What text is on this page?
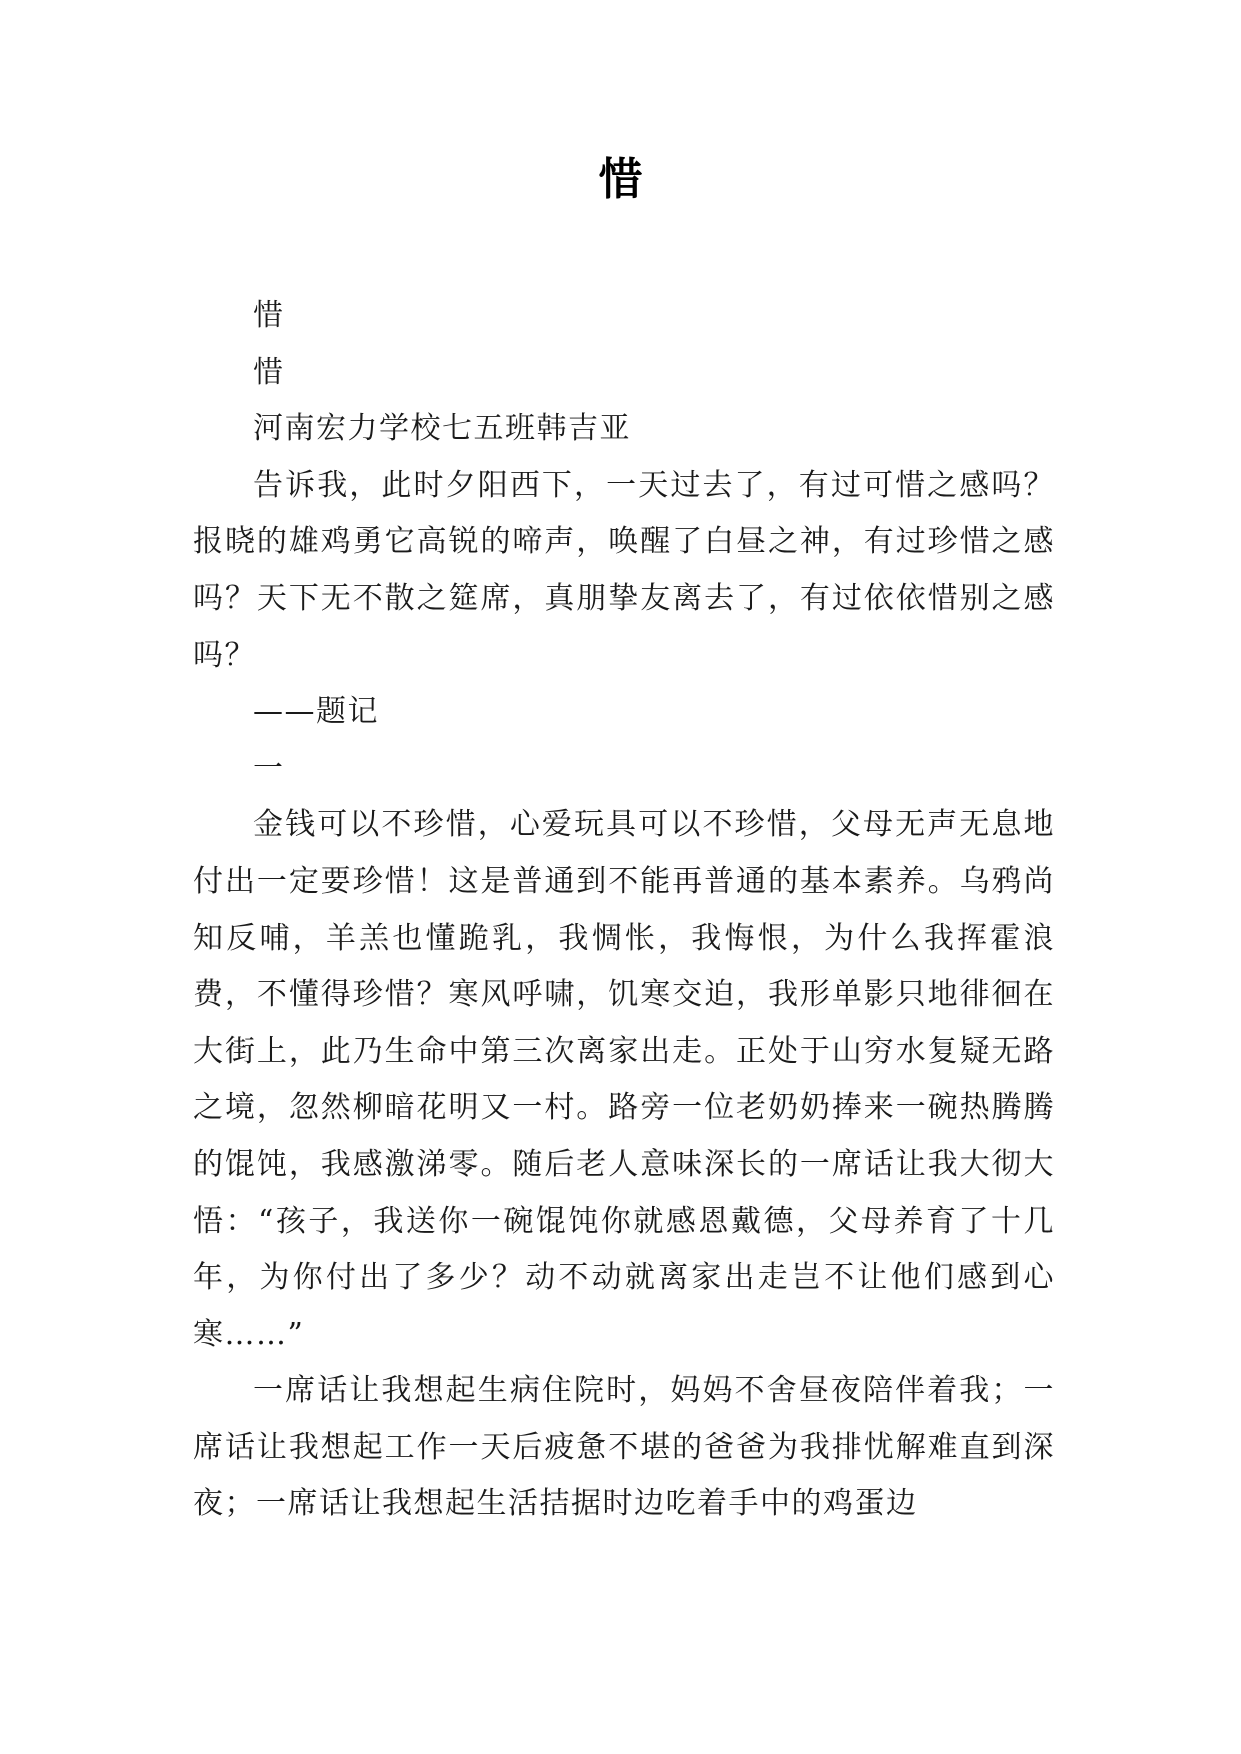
惜

惜

惜

河南宏力学校七五班韩吉亚

告诉我，此时夕阳西下，一天过去了，有过可惜之感吗？报晓的雄鸡勇它高锐的啼声，唤醒了白昼之神，有过珍惜之感吗？天下无不散之筵席，真朋挚友离去了，有过依依惜别之感吗？

——题记

一

金钱可以不珍惜，心爱玩具可以不珍惜，父母无声无息地付出一定要珍惜！这是普通到不能再普通的基本素养。乌鸦尚知反哺，羊羔也懂跪乳，我惆怅，我悔恨，为什么我挥霍浪费，不懂得珍惜？寒风呼啸，饥寒交迫，我形单影只地徘徊在大街上，此乃生命中第三次离家出走。正处于山穷水复疑无路之境，忽然柳暗花明又一村。路旁一位老奶奶捧来一碗热腾腾的馄饨，我感激涕零。随后老人意味深长的一席话让我大彻大悟：“孩子，我送你一碗馄饨你就感恩戴德，父母养育了十几年，为你付出了多少？动不动就离家出走岂不让他们感到心寒……”

一席话让我想起生病住院时，妈妈不舍昼夜陪伴着我；一席话让我想起工作一天后疲惫不堪的爸爸为我排忧解难直到深夜；一席话让我想起生活拮据时边吃着手中的鸡蛋边
